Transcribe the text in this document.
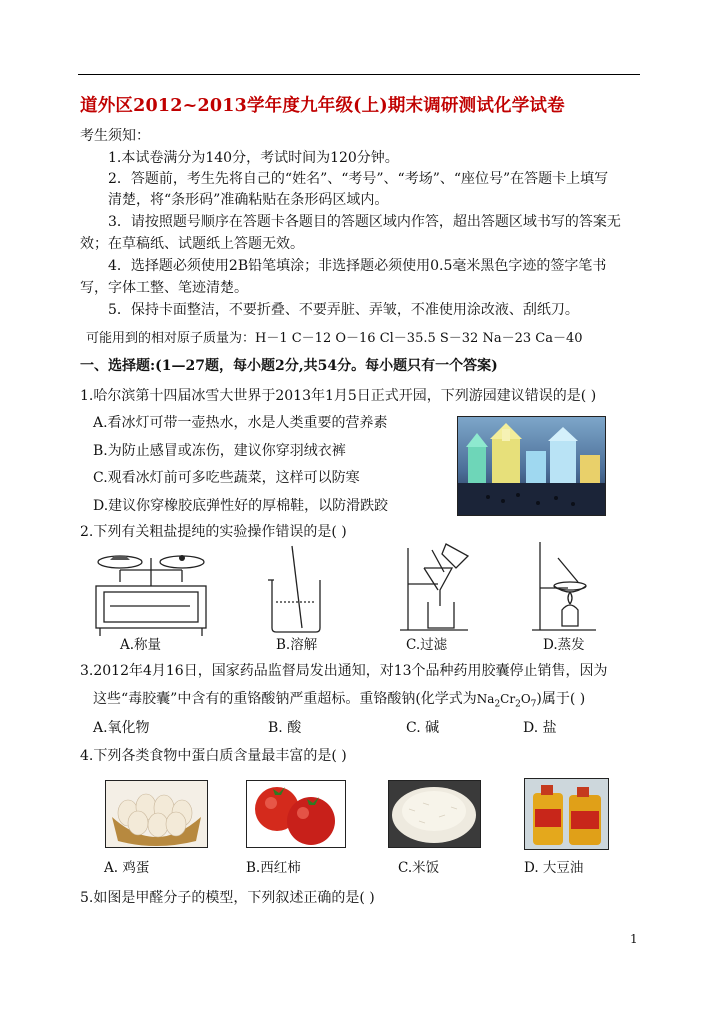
道外区2012~2013学年度九年级(上)期末调研测试化学试卷
考生须知：
1.本试卷满分为140分，考试时间为120分钟。
2．答题前，考生先将自己的“姓名”、“考号”、“考场”、“座位号”在答题卡上填写
清楚，将“条形码”准确粘贴在条形码区域内。
3．请按照题号顺序在答题卡各题目的答题区域内作答，超出答题区域书写的答案无
效；在草稿纸、试题纸上答题无效。
4．选择题必须使用2B铅笔填涂；非选择题必须使用0.5毫米黑色字迹的签字笔书
写，字体工整、笔迹清楚。
5．保持卡面整洁，不要折叠、不要弄脏、弄皱，不准使用涂改液、刮纸刀。
可能用到的相对原子质量为：H－1 C－12 O－16 Cl－35.5 S－32 Na－23 Ca－40
一、选择题:(1—27题，每小题2分,共54分。每小题只有一个答案)
1.哈尔滨第十四届冰雪大世界于2013年1月5日正式开园，下列游园建议错误的是( )
A.看冰灯可带一壶热水，水是人类重要的营养素
B.为防止感冒或冻伤，建议你穿羽绒衣裤
C.观看冰灯前可多吃些蔬菜，这样可以防寒
D.建议你穿橡胶底弹性好的厚棉鞋，以防滑跌跤
2.下列有关粗盐提纯的实验操作错误的是( )
A.称量	B.溶解	C.过滤	D.蒸发
3.2012年4月16日，国家药品监督局发出通知，对13个品种药用胶囊停止销售，因为
这些“毒胶囊”中含有的重铬酸钠严重超标。重铬酸钠(化学式为$Na_2Cr_2O_7$)属于( )
A.氧化物	B. 酸	C. 碱	D. 盐
4.下列各类食物中蛋白质含量最丰富的是( )
A. 鸡蛋	B.西红柿	C.米饭	D. 大豆油
5.如图是甲醛分子的模型，下列叙述正确的是( )
1
